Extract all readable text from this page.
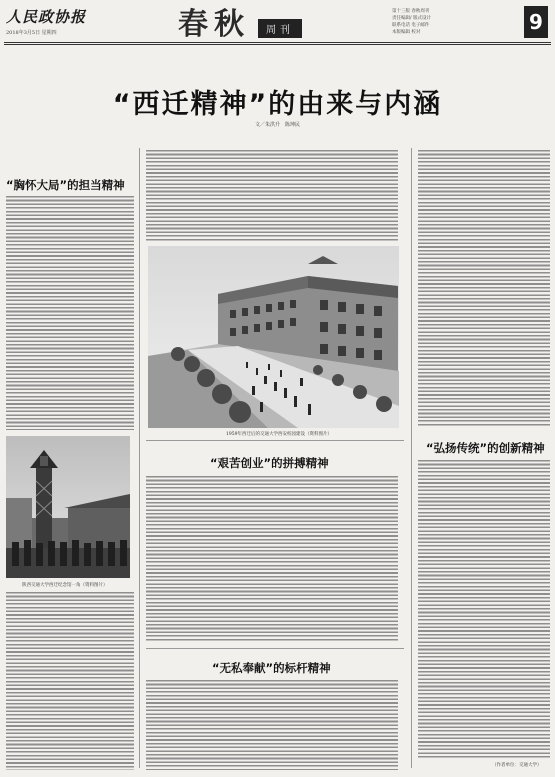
人民政协报
2018年3月5日 星期四	春秋	周刊
第十三版 春秋周刊
责任编辑/ 版式设计
联系电话 电子邮件
本版编辑 校对	9
“西迁精神”的由来与内涵
文／朱洪升　陈坤民
“胸怀大局”的担当精神
陕西交通大学西迁纪念馆一角（资料图片）
1959年西迁后的交通大学西安校园建设（资料图片）
“艰苦创业”的拼搏精神
“无私奉献”的标杆精神
“弘扬传统”的创新精神
（作者单位：交通大学）
